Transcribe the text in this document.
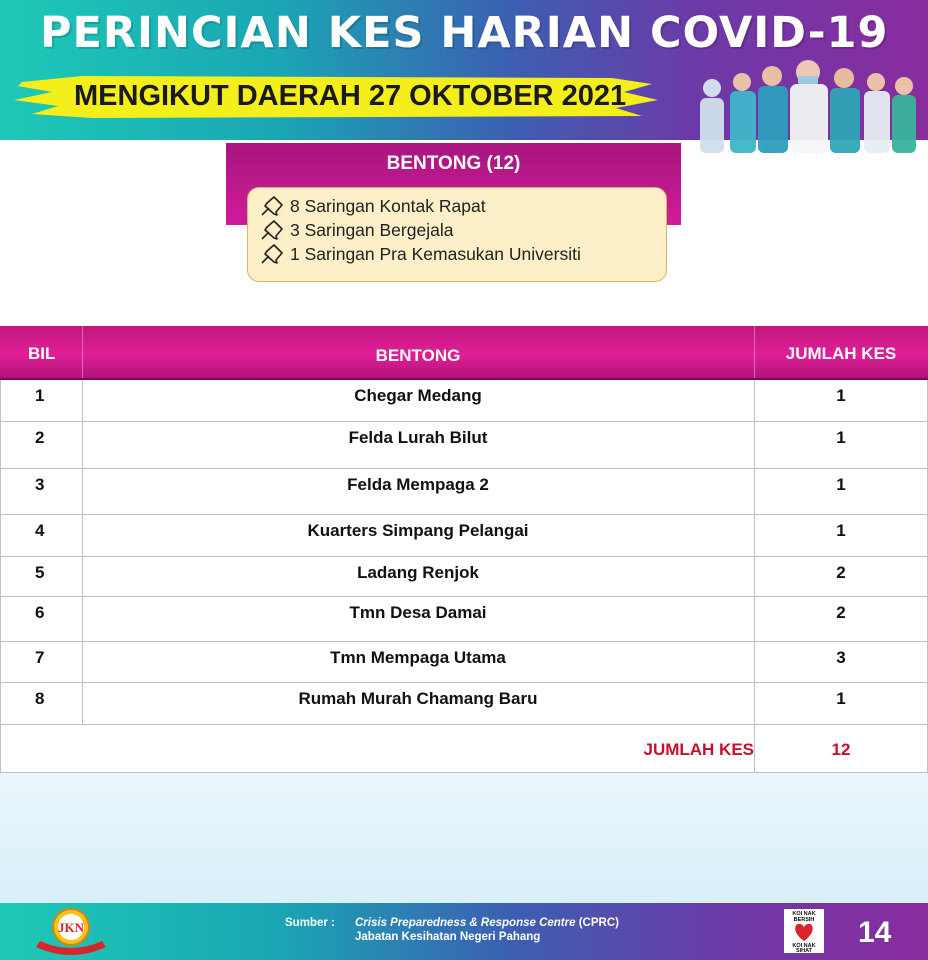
PERINCIAN KES HARIAN COVID-19
MENGIKUT DAERAH 27 OKTOBER 2021
BENTONG (12)
8 Saringan Kontak Rapat
3 Saringan Bergejala
1 Saringan Pra Kemasukan Universiti
BIL	BENTONG	JUMLAH KES
1	Chegar Medang	1
2	Felda Lurah Bilut	1
3	Felda Mempaga 2	1
4	Kuarters Simpang Pelangai	1
5	Ladang Renjok	2
6	Tmn Desa Damai	2
7	Tmn Mempaga Utama	3
8	Rumah Murah Chamang Baru	1
JUMLAH KES	12
JKN	Sumber : Crisis Preparedness & Response Centre (CPRC)
Jabatan Kesihatan Negeri Pahang
KOI NAK
BERSIH
KOI NAK
SIHAT
14
